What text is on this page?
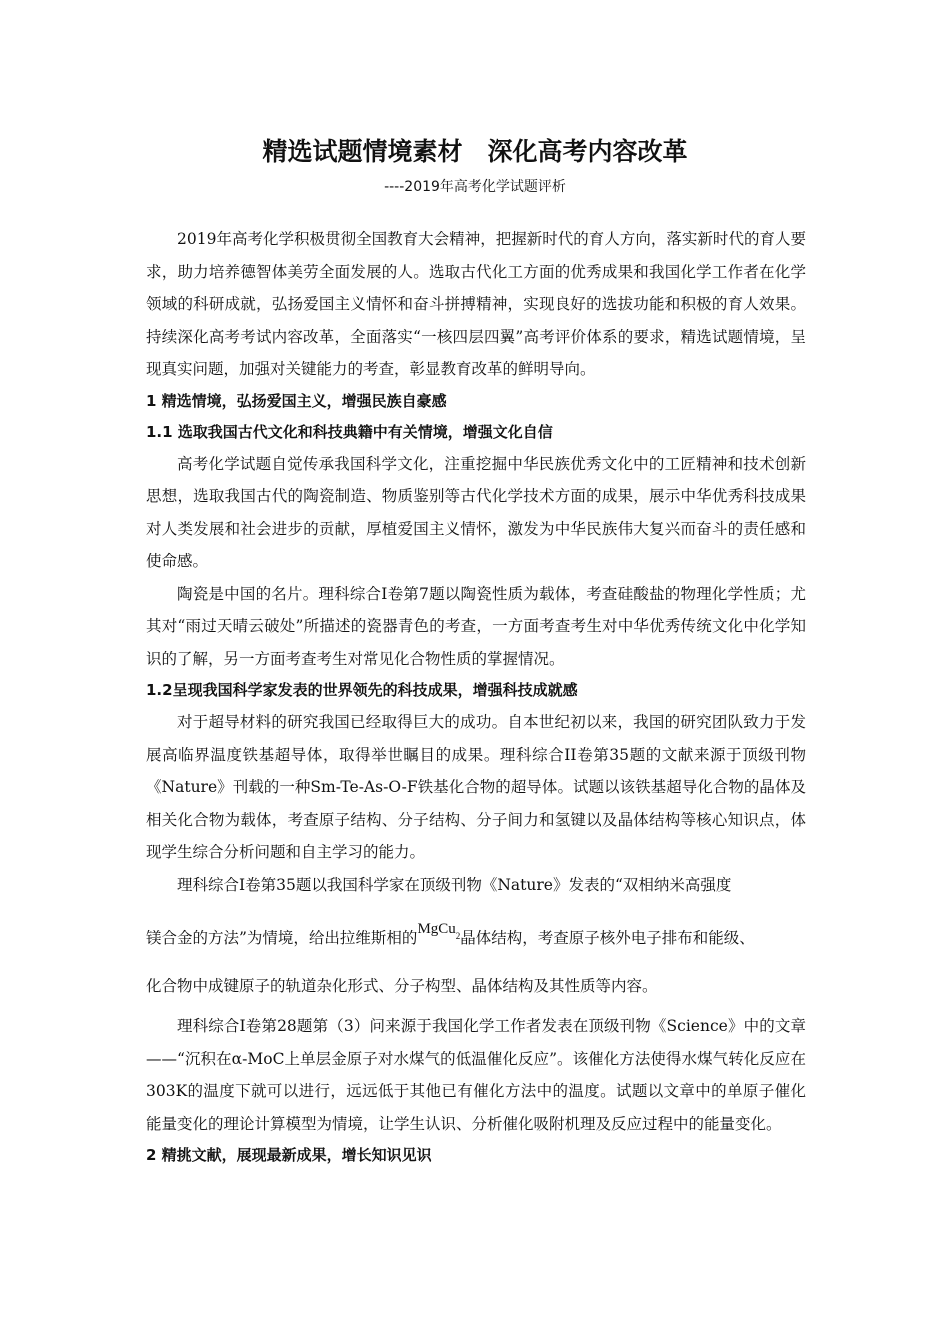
精选试题情境素材　深化高考内容改革
----2019年高考化学试题评析

2019年高考化学积极贯彻全国教育大会精神，把握新时代的育人方向，落实新时代的育人要求，助力培养德智体美劳全面发展的人。选取古代化工方面的优秀成果和我国化学工作者在化学领域的科研成就，弘扬爱国主义情怀和奋斗拼搏精神，实现良好的选拔功能和积极的育人效果。持续深化高考考试内容改革，全面落实“一核四层四翼”高考评价体系的要求，精选试题情境，呈现真实问题，加强对关键能力的考查，彰显教育改革的鲜明导向。

1 精选情境，弘扬爱国主义，增强民族自豪感
1.1 选取我国古代文化和科技典籍中有关情境，增强文化自信

高考化学试题自觉传承我国科学文化，注重挖掘中华民族优秀文化中的工匠精神和技术创新思想，选取我国古代的陶瓷制造、物质鉴别等古代化学技术方面的成果，展示中华优秀科技成果对人类发展和社会进步的贡献，厚植爱国主义情怀，激发为中华民族伟大复兴而奋斗的责任感和使命感。

陶瓷是中国的名片。理科综合I卷第7题以陶瓷性质为载体，考查硅酸盐的物理化学性质；尤其对“雨过天晴云破处”所描述的瓷器青色的考查，一方面考查考生对中华优秀传统文化中化学知识的了解，另一方面考查考生对常见化合物性质的掌握情况。

1.2呈现我国科学家发表的世界领先的科技成果，增强科技成就感

对于超导材料的研究我国已经取得巨大的成功。自本世纪初以来，我国的研究团队致力于发展高临界温度铁基超导体，取得举世瞩目的成果。理科综合II卷第35题的文献来源于顶级刊物《Nature》刊载的一种Sm-Te-As-O-F铁基化合物的超导体。试题以该铁基超导化合物的晶体及相关化合物为载体，考查原子结构、分子结构、分子间力和氢键以及晶体结构等核心知识点，体现学生综合分析问题和自主学习的能力。

理科综合I卷第35题以我国科学家在顶级刊物《Nature》发表的“双相纳米高强度
镁合金的方法”为情境，给出拉维斯相的MgCu$_2$晶体结构，考查原子核外电子排布和能级、
化合物中成键原子的轨道杂化形式、分子构型、晶体结构及其性质等内容。

理科综合I卷第28题第（3）问来源于我国化学工作者发表在顶级刊物《Science》中的文章——“沉积在α-MoC上单层金原子对水煤气的低温催化反应”。该催化方法使得水煤气转化反应在303K的温度下就可以进行，远远低于其他已有催化方法中的温度。试题以文章中的单原子催化能量变化的理论计算模型为情境，让学生认识、分析催化吸附机理及反应过程中的能量变化。

2 精挑文献，展现最新成果，增长知识见识
